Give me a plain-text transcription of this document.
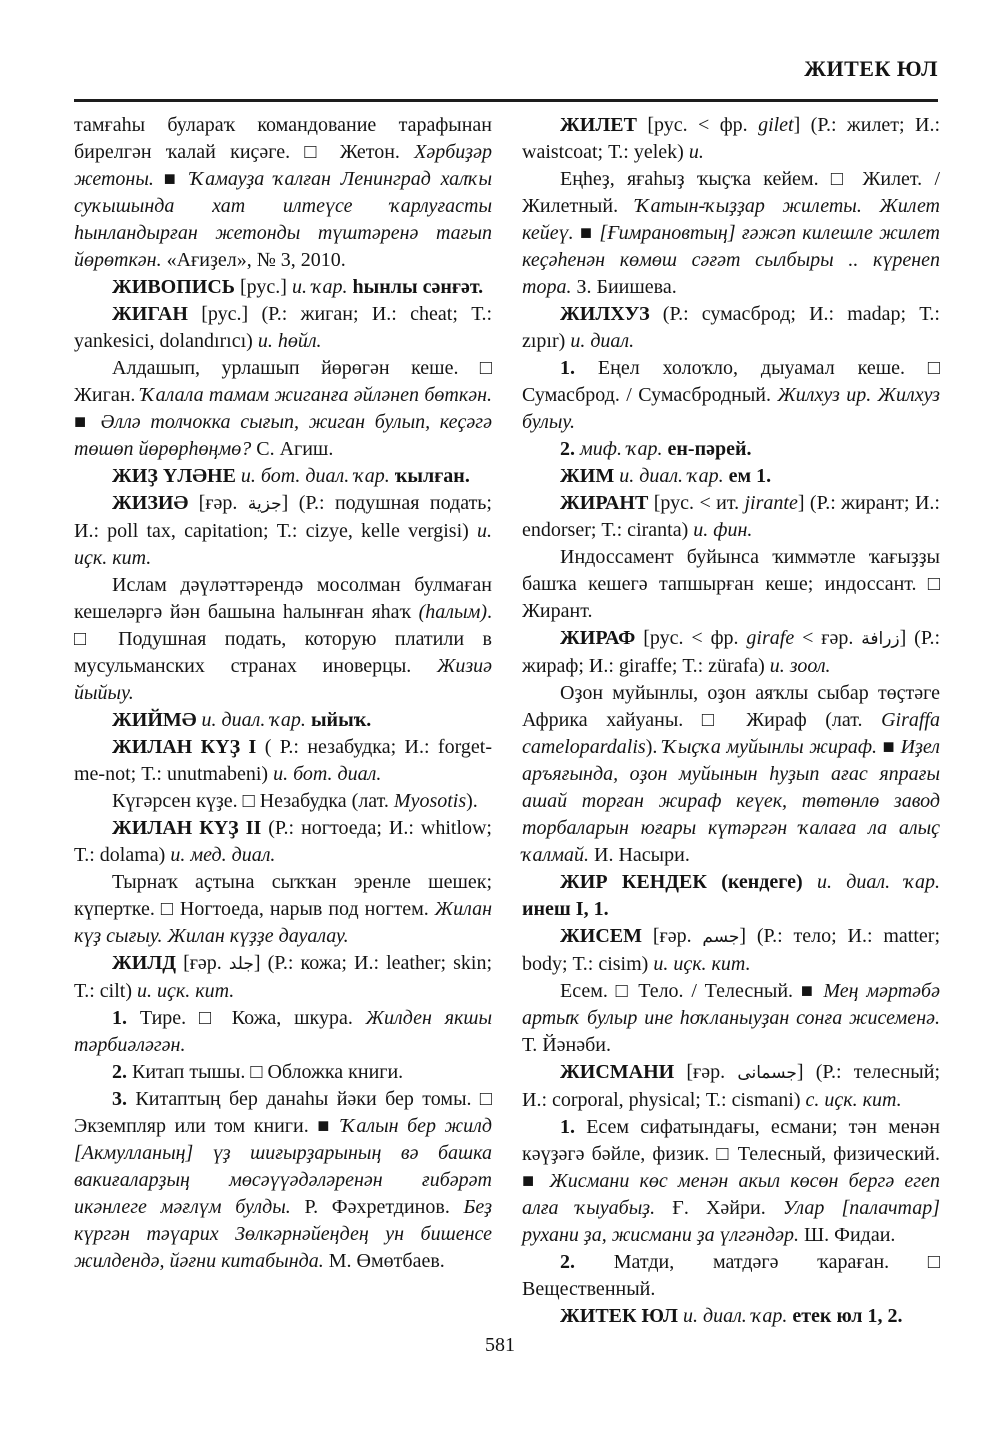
ЖИТЕК ЮЛ

тамғаһы булараҡ командование тарафынан бирелгән ҡалай киҫәге. □ Жетон. Хәрбиҙәр жетоны. ■ Ҡамауҙа ҡалған Ленинград халҡы суҡышында хат илтеүсе ҡарлуғасты һынландырған жетонды түштәренә тағып йөрөткән. «Ағиҙел», № 3, 2010.

ЖИВОПИСЬ [рус.] и. ҡар. һынлы сәнғәт.

ЖИГАН [рус.] (Р.: жиган; И.: cheat; Т.: yankesici, dolandırıcı) и. һөйл.

Алдашып, урлашып йөрөгән кеше. □ Жиган. Ҡалала тамам жиганға әйләнеп бөткән. ■ Әллә толчокка сығып, жиган булып, кеҫәгә төшөп йөрөрһөңмө? С. Агиш.

ЖИҘ ҮЛӘНЕ и. бот. диал. ҡар. ҡылған.

ЖИЗИӘ [ғәр. جزية] (Р.: подушная подать; И.: poll tax, capitation; Т.: cizye, kelle vergisi) и. иҫк. кит.

Ислам дәүләттәрендә мосолман булмаған кешеләргә йән башына һалынған яһаҡ (һалым). □ Подушная подать, которую платили в мусульманских странах иноверцы. Жизиә йыйыу.

ЖИЙМӘ и. диал. ҡар. ыйыҡ.

ЖИЛАН КҮҘ I ( Р.: незабудка; И.: forget-me-not; Т.: unutmabeni) и. бот. диал.

Күгәрсен күҙе. □ Незабудка (лат. Myosotis).

ЖИЛАН КҮҘ II (Р.: ногтоеда; И.: whitlow; Т.: dolama) и. мед. диал.

Тырнаҡ аҫтына сыҡҡан эренле шешек; күпертке. □ Ногтоеда, нарыв под ногтем. Жилан күҙ сығыу. Жилан күҙҙе дауалау.

ЖИЛД [ғәр. جلد] (Р.: кожа; И.: leather; skin; Т.: cilt) и. иҫк. кит.

1. Тире. □ Кожа, шкура. Жилден якшы тәрбиәләгән.

2. Китап тышы. □ Обложка книги.

3. Китаптың бер данаһы йәки бер томы. □ Экземпляр или том книги. ■ Ҡалын бер жилд [Акмулланың] үҙ шиғырҙарының вә башка вакиғаларҙың мөсәүүәдәләренән ғибәрәт икәнлеге мәғлүм булды. Р. Фәхретдинов. Беҙ күргән тәүарих Зөлкәрнәйеңдең ун бишенсе жилдендә, йәғни китабында. М. Өмөтбаев.

ЖИЛЕТ [рус. < фр. gilet] (Р.: жилет; И.: waistcoat; Т.: yelek) и.

Еңһеҙ, яғаһыҙ ҡыҫҡа кейем. □ Жилет. / Жилетный. Ҡатын-ҡыҙҙар жилеты. Жилет кейеү. ■ [Ғимрановтың] ғәжәп килешле жилет кеҫәһенән көмөш сәғәт сылбыры .. күренеп тора. З. Биишева.

ЖИЛХУЗ (Р.: сумасброд; И.: madap; Т.: zıpır) и. диал.

1. Еңел холоҡло, дыуамал кеше. □ Сумасброд. / Сумасбродный. Жилхуз ир. Жилхуз булыу.

2. миф. ҡар. ен-пәрей.

ЖИМ и. диал. ҡар. ем 1.

ЖИРАНТ [рус. < ит. jirante] (Р.: жирант; И.: endorser; Т.: ciranta) и. фин.

Индоссамент буйынса ҡиммәтле ҡағыҙҙы башҡа кешегә тапшырған кеше; индоссант. □ Жирант.

ЖИРАФ [рус. < фр. girafe < ғәр. زرافة] (Р.: жираф; И.: giraffe; Т.: zürafa) и. зоол.

Оҙон муйынлы, оҙон аяҡлы сыбар төҫтәге Африка хайуаны. □ Жираф (лат. Giraffa camelopardalis). Ҡыҫҡа муйынлы жираф. ■ Иҙел аръяғында, оҙон муйынын һуҙып ағас япрағы ашай торған жираф кеүек, төтөнлө завод торбаларын юғары күтәргән ҡалаға ла алыҫ ҡалмай. И. Насыри.

ЖИР КЕНДЕК (кендеге) и. диал. ҡар. инеш I, 1.

ЖИСЕМ [ғәр. جسم] (Р.: тело; И.: matter; body; Т.: cisim) и. иҫк. кит.

Есем. □ Тело. / Телесный. ■ Мең мәртәбә артыҡ булыр ине һоҡланыуҙан сонға жисеменә. Т. Йәнәби.

ЖИСМАНИ [ғәр. جسمانى] (Р.: телесный; И.: corporal, physical; Т.: cismani) с. иҫк. кит.

1. Есем сифатындағы, есмани; тән менән кәүҙәгә бәйле, физик. □ Телесный, физический. ■ Жисмани көс менән акыл көсөн бергә егеп алға ҡыуабыҙ. Ғ. Хәйри. Улар [палачтар] рухани ҙа, жисмани ҙа үлгәндәр. Ш. Фидаи.

2. Матди, матдәгә ҡараған. □ Вещественный.

ЖИТЕК ЮЛ и. диал. ҡар. етек юл 1, 2.

581
